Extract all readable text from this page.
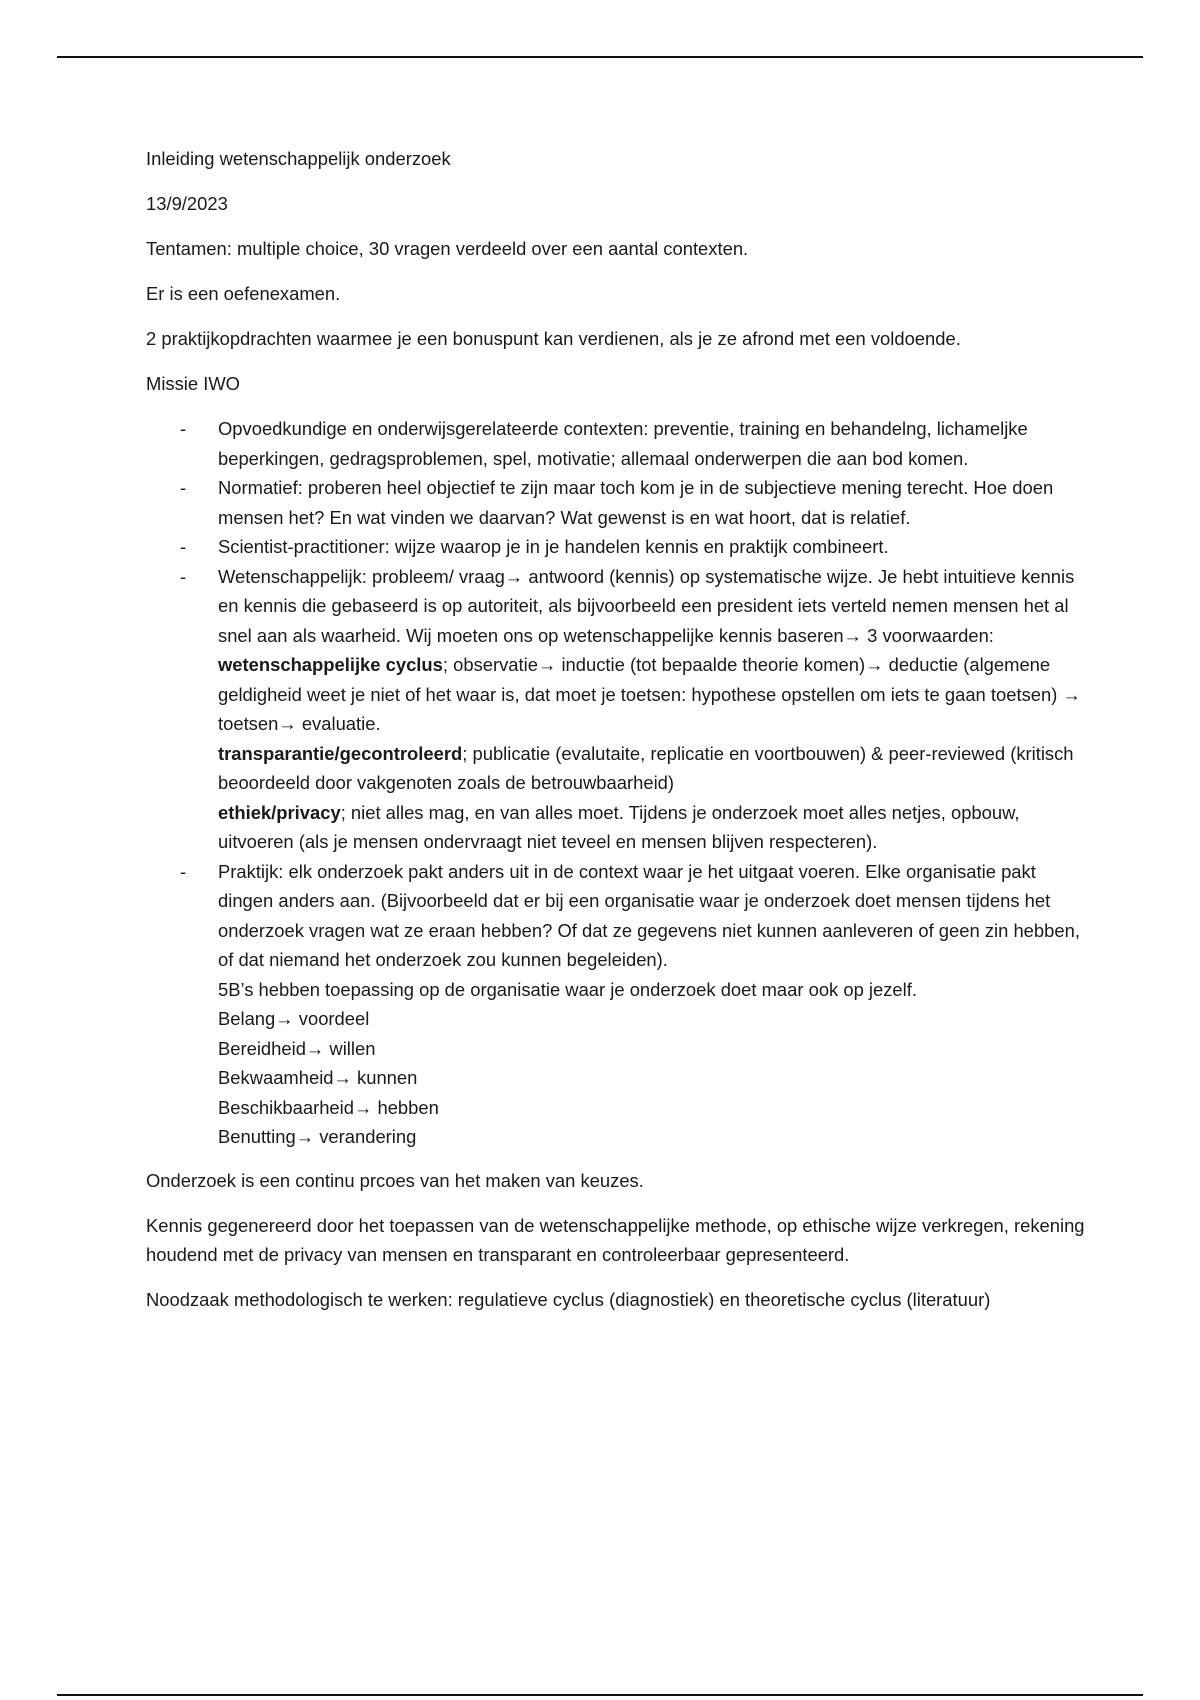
Inleiding wetenschappelijk onderzoek

13/9/2023

Tentamen: multiple choice, 30 vragen verdeeld over een aantal contexten.

Er is een oefenexamen.

2 praktijkopdrachten waarmee je een bonuspunt kan verdienen, als je ze afrond met een voldoende.

Missie IWO

- Opvoedkundige en onderwijsgerelateerde contexten: preventie, training en behandelng, lichameljke beperkingen, gedragsproblemen, spel, motivatie; allemaal onderwerpen die aan bod komen.
- Normatief: proberen heel objectief te zijn maar toch kom je in de subjectieve mening terecht. Hoe doen mensen het? En wat vinden we daarvan? Wat gewenst is en wat hoort, dat is relatief.
- Scientist-practitioner: wijze waarop je in je handelen kennis en praktijk combineert.
- Wetenschappelijk: probleem/ vraag→ antwoord (kennis) op systematische wijze. Je hebt intuitieve kennis en kennis die gebaseerd is op autoriteit, als bijvoorbeeld een president iets verteld nemen mensen het al snel aan als waarheid. Wij moeten ons op wetenschappelijke kennis baseren→ 3 voorwaarden:
wetenschappelijke cyclus; observatie→ inductie (tot bepaalde theorie komen)→ deductie (algemene geldigheid weet je niet of het waar is, dat moet je toetsen: hypothese opstellen om iets te gaan toetsen) → toetsen→ evaluatie.
transparantie/gecontroleerd; publicatie (evalutaite, replicatie en voortbouwen) & peer-reviewed (kritisch beoordeeld door vakgenoten zoals de betrouwbaarheid)
ethiek/privacy; niet alles mag, en van alles moet. Tijdens je onderzoek moet alles netjes, opbouw, uitvoeren (als je mensen ondervraagt niet teveel en mensen blijven respecteren).
- Praktijk: elk onderzoek pakt anders uit in de context waar je het uitgaat voeren. Elke organisatie pakt dingen anders aan. (Bijvoorbeeld dat er bij een organisatie waar je onderzoek doet mensen tijdens het onderzoek vragen wat ze eraan hebben? Of dat ze gegevens niet kunnen aanleveren of geen zin hebben, of dat niemand het onderzoek zou kunnen begeleiden).
5B’s hebben toepassing op de organisatie waar je onderzoek doet maar ook op jezelf.
Belang→ voordeel
Bereidheid→ willen
Bekwaamheid→ kunnen
Beschikbaarheid→ hebben
Benutting→ verandering

Onderzoek is een continu prcoes van het maken van keuzes.

Kennis gegenereerd door het toepassen van de wetenschappelijke methode, op ethische wijze verkregen, rekening houdend met de privacy van mensen en transparant en controleerbaar gepresenteerd.

Noodzaak methodologisch te werken: regulatieve cyclus (diagnostiek) en theoretische cyclus (literatuur)
